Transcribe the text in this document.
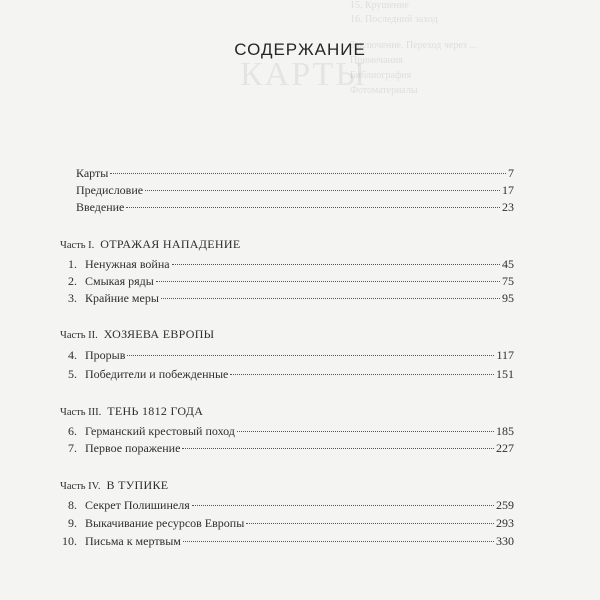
15. Крушение
16. Последний заход
Заключение. Переход через ...
Примечания
Библиография
Фотоматериалы
КАРТЫ
СОДЕРЖАНИЕ
Карты	7
Предисловие	17
Введение	23
Часть I. ОТРАЖАЯ НАПАДЕНИЕ
1. Ненужная война	45
2. Смыкая ряды	75
3. Крайние меры	95
Часть II. ХОЗЯЕВА ЕВРОПЫ
4. Прорыв	117
5. Победители и побежденные	151
Часть III. ТЕНЬ 1812 ГОДА
6. Германский крестовый поход	185
7. Первое поражение	227
Часть IV. В ТУПИКЕ
8. Секрет Полишинеля	259
9. Выкачивание ресурсов Европы	293
10. Письма к мертвым	330
